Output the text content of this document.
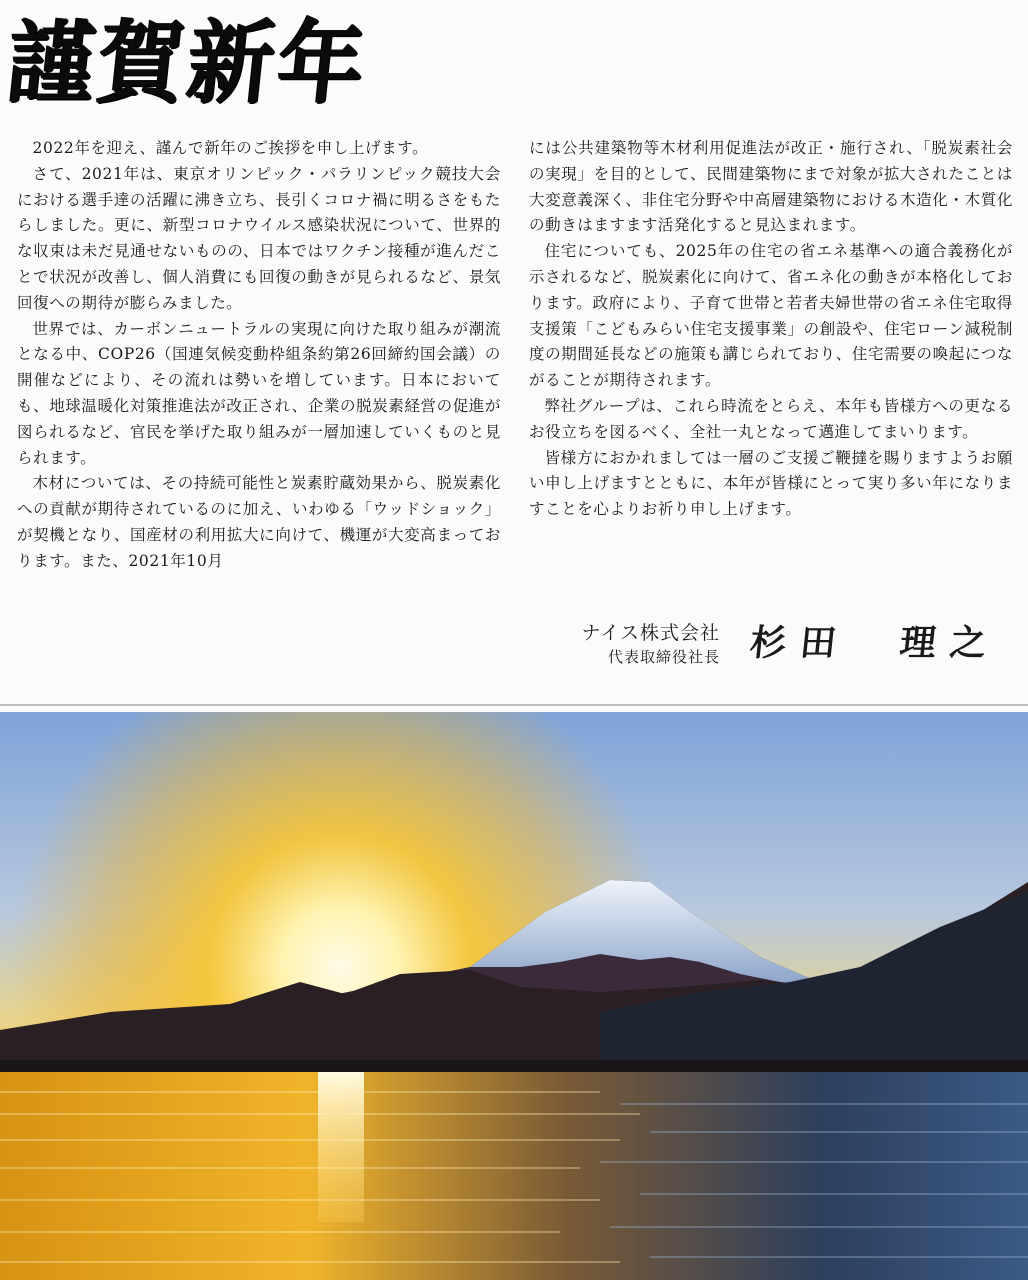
謹賀新年

2022年を迎え、謹んで新年のご挨拶を申し上げます。

さて、2021年は、東京オリンピック・パラリンピック競技大会における選手達の活躍に沸き立ち、長引くコロナ禍に明るさをもたらしました。更に、新型コロナウイルス感染状況について、世界的な収束は未だ見通せないものの、日本ではワクチン接種が進んだことで状況が改善し、個人消費にも回復の動きが見られるなど、景気回復への期待が膨らみました。

世界では、カーボンニュートラルの実現に向けた取り組みが潮流となる中、COP26（国連気候変動枠組条約第26回締約国会議）の開催などにより、その流れは勢いを増しています。日本においても、地球温暖化対策推進法が改正され、企業の脱炭素経営の促進が図られるなど、官民を挙げた取り組みが一層加速していくものと見られます。

木材については、その持続可能性と炭素貯蔵効果から、脱炭素化への貢献が期待されているのに加え、いわゆる「ウッドショック」が契機となり、国産材の利用拡大に向けて、機運が大変高まっております。また、2021年10月

には公共建築物等木材利用促進法が改正・施行され、「脱炭素社会の実現」を目的として、民間建築物にまで対象が拡大されたことは大変意義深く、非住宅分野や中高層建築物における木造化・木質化の動きはますます活発化すると見込まれます。

住宅についても、2025年の住宅の省エネ基準への適合義務化が示されるなど、脱炭素化に向けて、省エネ化の動きが本格化しております。政府により、子育て世帯と若者夫婦世帯の省エネ住宅取得支援策「こどもみらい住宅支援事業」の創設や、住宅ローン減税制度の期間延長などの施策も講じられており、住宅需要の喚起につながることが期待されます。

弊社グループは、これら時流をとらえ、本年も皆様方への更なるお役立ちを図るべく、全社一丸となって邁進してまいります。

皆様方におかれましては一層のご支援ご鞭撻を賜りますようお願い申し上げますとともに、本年が皆様にとって実り多い年になりますことを心よりお祈り申し上げます。

ナイス株式会社
代表取締役社長 杉田　理之
